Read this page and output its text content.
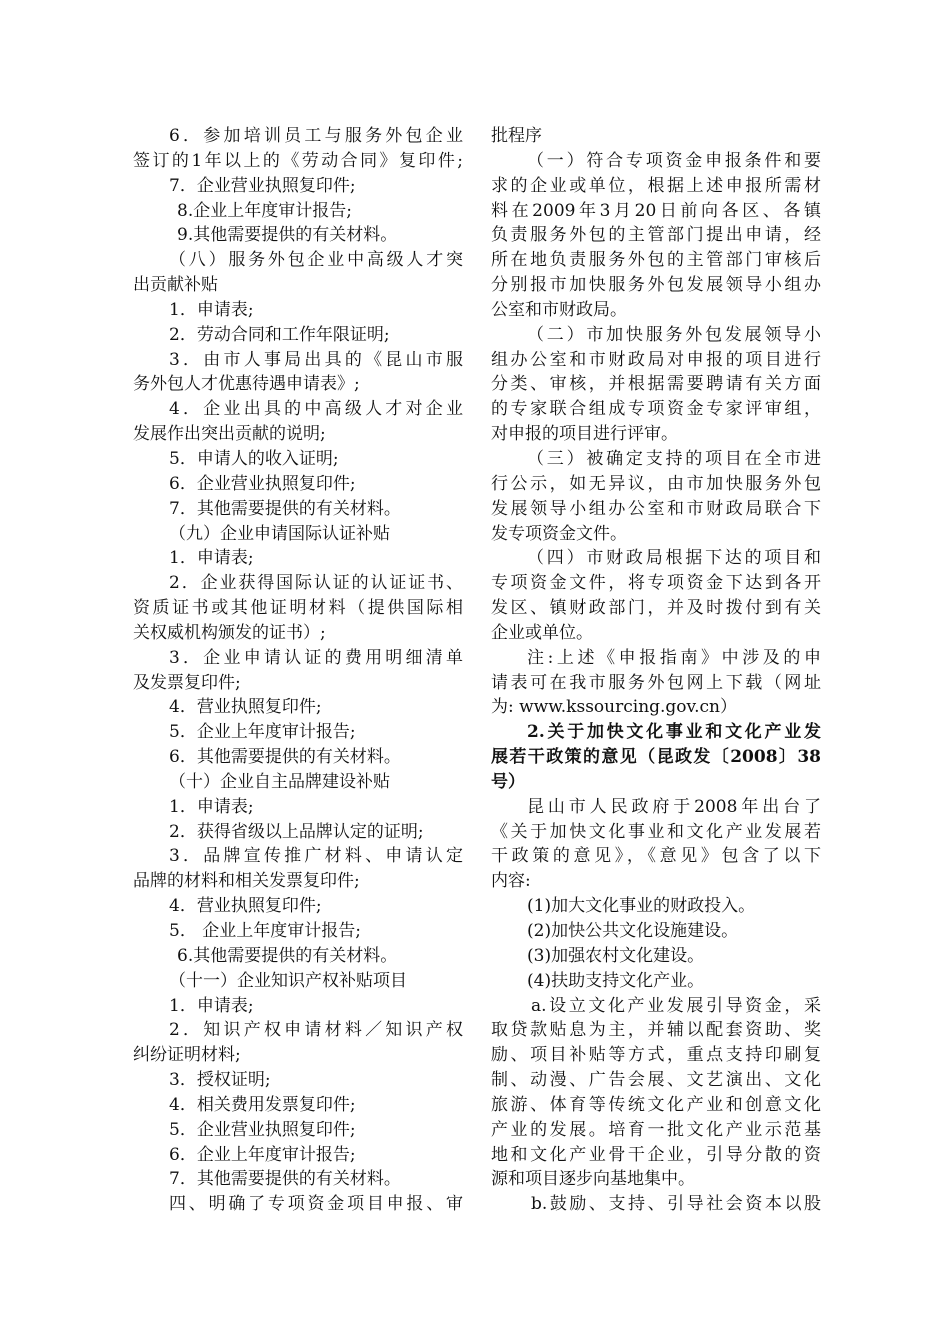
6．参加培训员工与服务外包企业
签订的1年以上的《劳动合同》复印件;
7．企业营业执照复印件;
8.企业上年度审计报告;
9.其他需要提供的有关材料。
（八）服务外包企业中高级人才突
出贡献补贴
1．申请表;
2．劳动合同和工作年限证明;
3．由市人事局出具的《昆山市服
务外包人才优惠待遇申请表》;
4．企业出具的中高级人才对企业
发展作出突出贡献的说明;
5．申请人的收入证明;
6．企业营业执照复印件;
7．其他需要提供的有关材料。
（九）企业申请国际认证补贴
1．申请表;
2．企业获得国际认证的认证证书、
资质证书或其他证明材料（提供国际相
关权威机构颁发的证书）;
3．企业申请认证的费用明细清单
及发票复印件;
4．营业执照复印件;
5．企业上年度审计报告;
6．其他需要提供的有关材料。
（十）企业自主品牌建设补贴
1．申请表;
2．获得省级以上品牌认定的证明;
3．品牌宣传推广材料、申请认定
品牌的材料和相关发票复印件;
4．营业执照复印件;
5． 企业上年度审计报告;
6.其他需要提供的有关材料。
（十一）企业知识产权补贴项目
1．申请表;
2．知识产权申请材料／知识产权
纠纷证明材料;
3．授权证明;
4．相关费用发票复印件;
5．企业营业执照复印件;
6．企业上年度审计报告;
7．其他需要提供的有关材料。
四、明确了专项资金项目申报、审
批程序
（一）符合专项资金申报条件和要
求的企业或单位，根据上述申报所需材
料在2009年3月20日前向各区、各镇
负责服务外包的主管部门提出申请，经
所在地负责服务外包的主管部门审核后
分别报市加快服务外包发展领导小组办
公室和市财政局。
（二）市加快服务外包发展领导小
组办公室和市财政局对申报的项目进行
分类、审核，并根据需要聘请有关方面
的专家联合组成专项资金专家评审组，
对申报的项目进行评审。
（三）被确定支持的项目在全市进
行公示，如无异议，由市加快服务外包
发展领导小组办公室和市财政局联合下
发专项资金文件。
（四）市财政局根据下达的项目和
专项资金文件，将专项资金下达到各开
发区、镇财政部门，并及时拨付到有关
企业或单位。
注:上述《申报指南》中涉及的申
请表可在我市服务外包网上下载（网址
为: www.kssourcing.gov.cn）
2.关于加快文化事业和文化产业发
展若干政策的意见（昆政发〔2008〕38
号）
昆山市人民政府于2008年出台了
《关于加快文化事业和文化产业发展若
干政策的意见》，《意见》包含了以下
内容:
(1)加大文化事业的财政投入。
(2)加快公共文化设施建设。
(3)加强农村文化建设。
(4)扶助支持文化产业。
a.设立文化产业发展引导资金，采
取贷款贴息为主，并辅以配套资助、奖
励、项目补贴等方式，重点支持印刷复
制、动漫、广告会展、文艺演出、文化
旅游、体育等传统文化产业和创意文化
产业的发展。培育一批文化产业示范基
地和文化产业骨干企业，引导分散的资
源和项目逐步向基地集中。
b.鼓励、支持、引导社会资本以股
